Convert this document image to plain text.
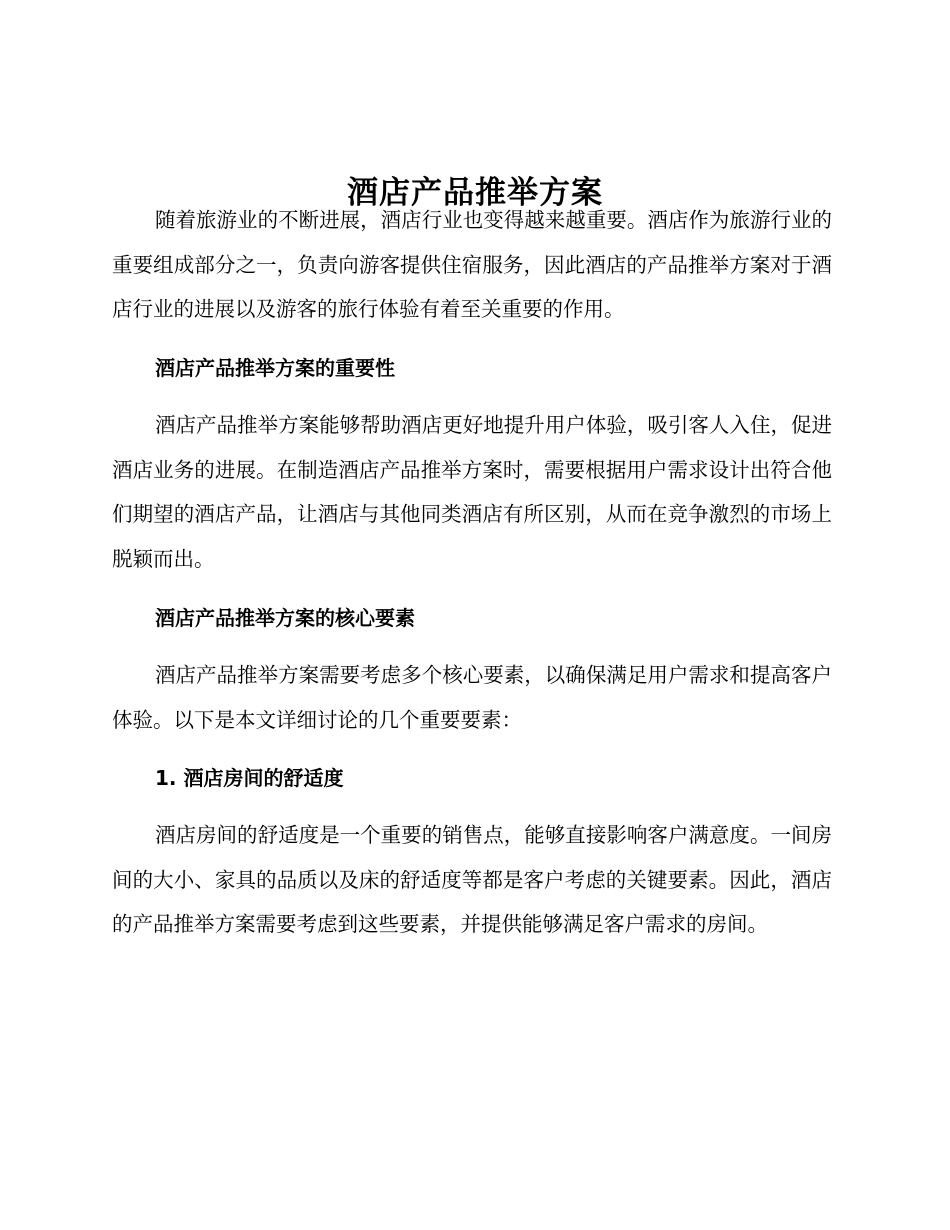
酒店产品推举方案

随着旅游业的不断进展，酒店行业也变得越来越重要。酒店作为旅游行业的重要组成部分之一，负责向游客提供住宿服务，因此酒店的产品推举方案对于酒店行业的进展以及游客的旅行体验有着至关重要的作用。

酒店产品推举方案的重要性

酒店产品推举方案能够帮助酒店更好地提升用户体验，吸引客人入住，促进酒店业务的进展。在制造酒店产品推举方案时，需要根据用户需求设计出符合他们期望的酒店产品，让酒店与其他同类酒店有所区别，从而在竞争激烈的市场上脱颖而出。

酒店产品推举方案的核心要素

酒店产品推举方案需要考虑多个核心要素，以确保满足用户需求和提高客户体验。以下是本文详细讨论的几个重要要素：

1. 酒店房间的舒适度

酒店房间的舒适度是一个重要的销售点，能够直接影响客户满意度。一间房间的大小、家具的品质以及床的舒适度等都是客户考虑的关键要素。因此，酒店的产品推举方案需要考虑到这些要素，并提供能够满足客户需求的房间。
